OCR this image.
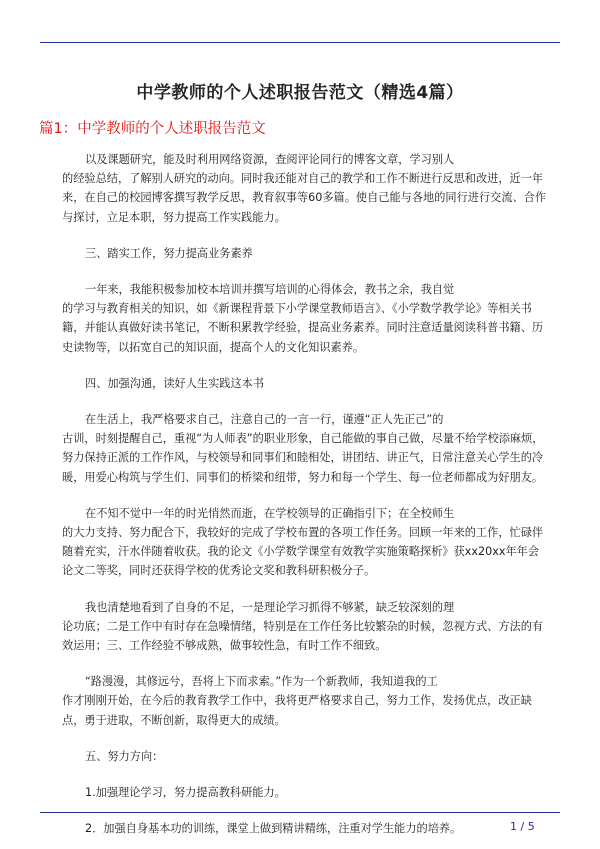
中学教师的个人述职报告范文（精选4篇）
篇1：中学教师的个人述职报告范文

以及课题研究，能及时利用网络资源，查阅评论同行的博客文章，学习别人
的经验总结，了解别人研究的动向。同时我还能对自己的教学和工作不断进行反思和改进，近一年来，在自己的校园博客撰写教学反思，教育叙事等60多篇。使自己能与各地的同行进行交流、合作与探讨，立足本职，努力提高工作实践能力。

三、踏实工作，努力提高业务素养

一年来，我能积极参加校本培训并撰写培训的心得体会，教书之余，我自觉
的学习与教育相关的知识，如《新课程背景下小学课堂教师语言》、《小学数学教学论》等相关书籍，并能认真做好读书笔记，不断积累教学经验，提高业务素养。同时注意适量阅读科普书籍、历史读物等，以拓宽自己的知识面，提高个人的文化知识素养。

四、加强沟通，读好人生实践这本书

在生活上，我严格要求自己，注意自己的一言一行，谨遵“正人先正己”的
古训，时刻提醒自己，重视“为人师表”的职业形象，自己能做的事自己做，尽量不给学校添麻烦，努力保持正派的工作作风，与校领导和同事们和睦相处，讲团结、讲正气，日常注意关心学生的冷暖，用爱心构筑与学生们、同事们的桥梁和纽带，努力和每一个学生、每一位老师都成为好朋友。

在不知不觉中一年的时光悄然而逝，在学校领导的正确指引下；在全校师生
的大力支持、努力配合下，我较好的完成了学校布置的各项工作任务。回顾一年来的工作，忙碌伴随着充实，汗水伴随着收获。我的论文《小学数学课堂有效教学实施策略探析》获xx20xx年年会论文二等奖，同时还获得学校的优秀论文奖和教科研积极分子。

我也清楚地看到了自身的不足，一是理论学习抓得不够紧，缺乏较深刻的理
论功底；二是工作中有时存在急噪情绪，特别是在工作任务比较繁杂的时候，忽视方式、方法的有效运用；三、工作经验不够成熟，做事较性急，有时工作不细致。

“路漫漫，其修远兮，吾将上下而求索。”作为一个新教师，我知道我的工
作才刚刚开始，在今后的教育教学工作中，我将更严格要求自己，努力工作，发扬优点，改正缺点，勇于进取，不断创新，取得更大的成绩。

五、努力方向：

1.加强理论学习，努力提高教科研能力。

2．加强自身基本功的训练，课堂上做到精讲精练，注重对学生能力的培养。	1 / 5
